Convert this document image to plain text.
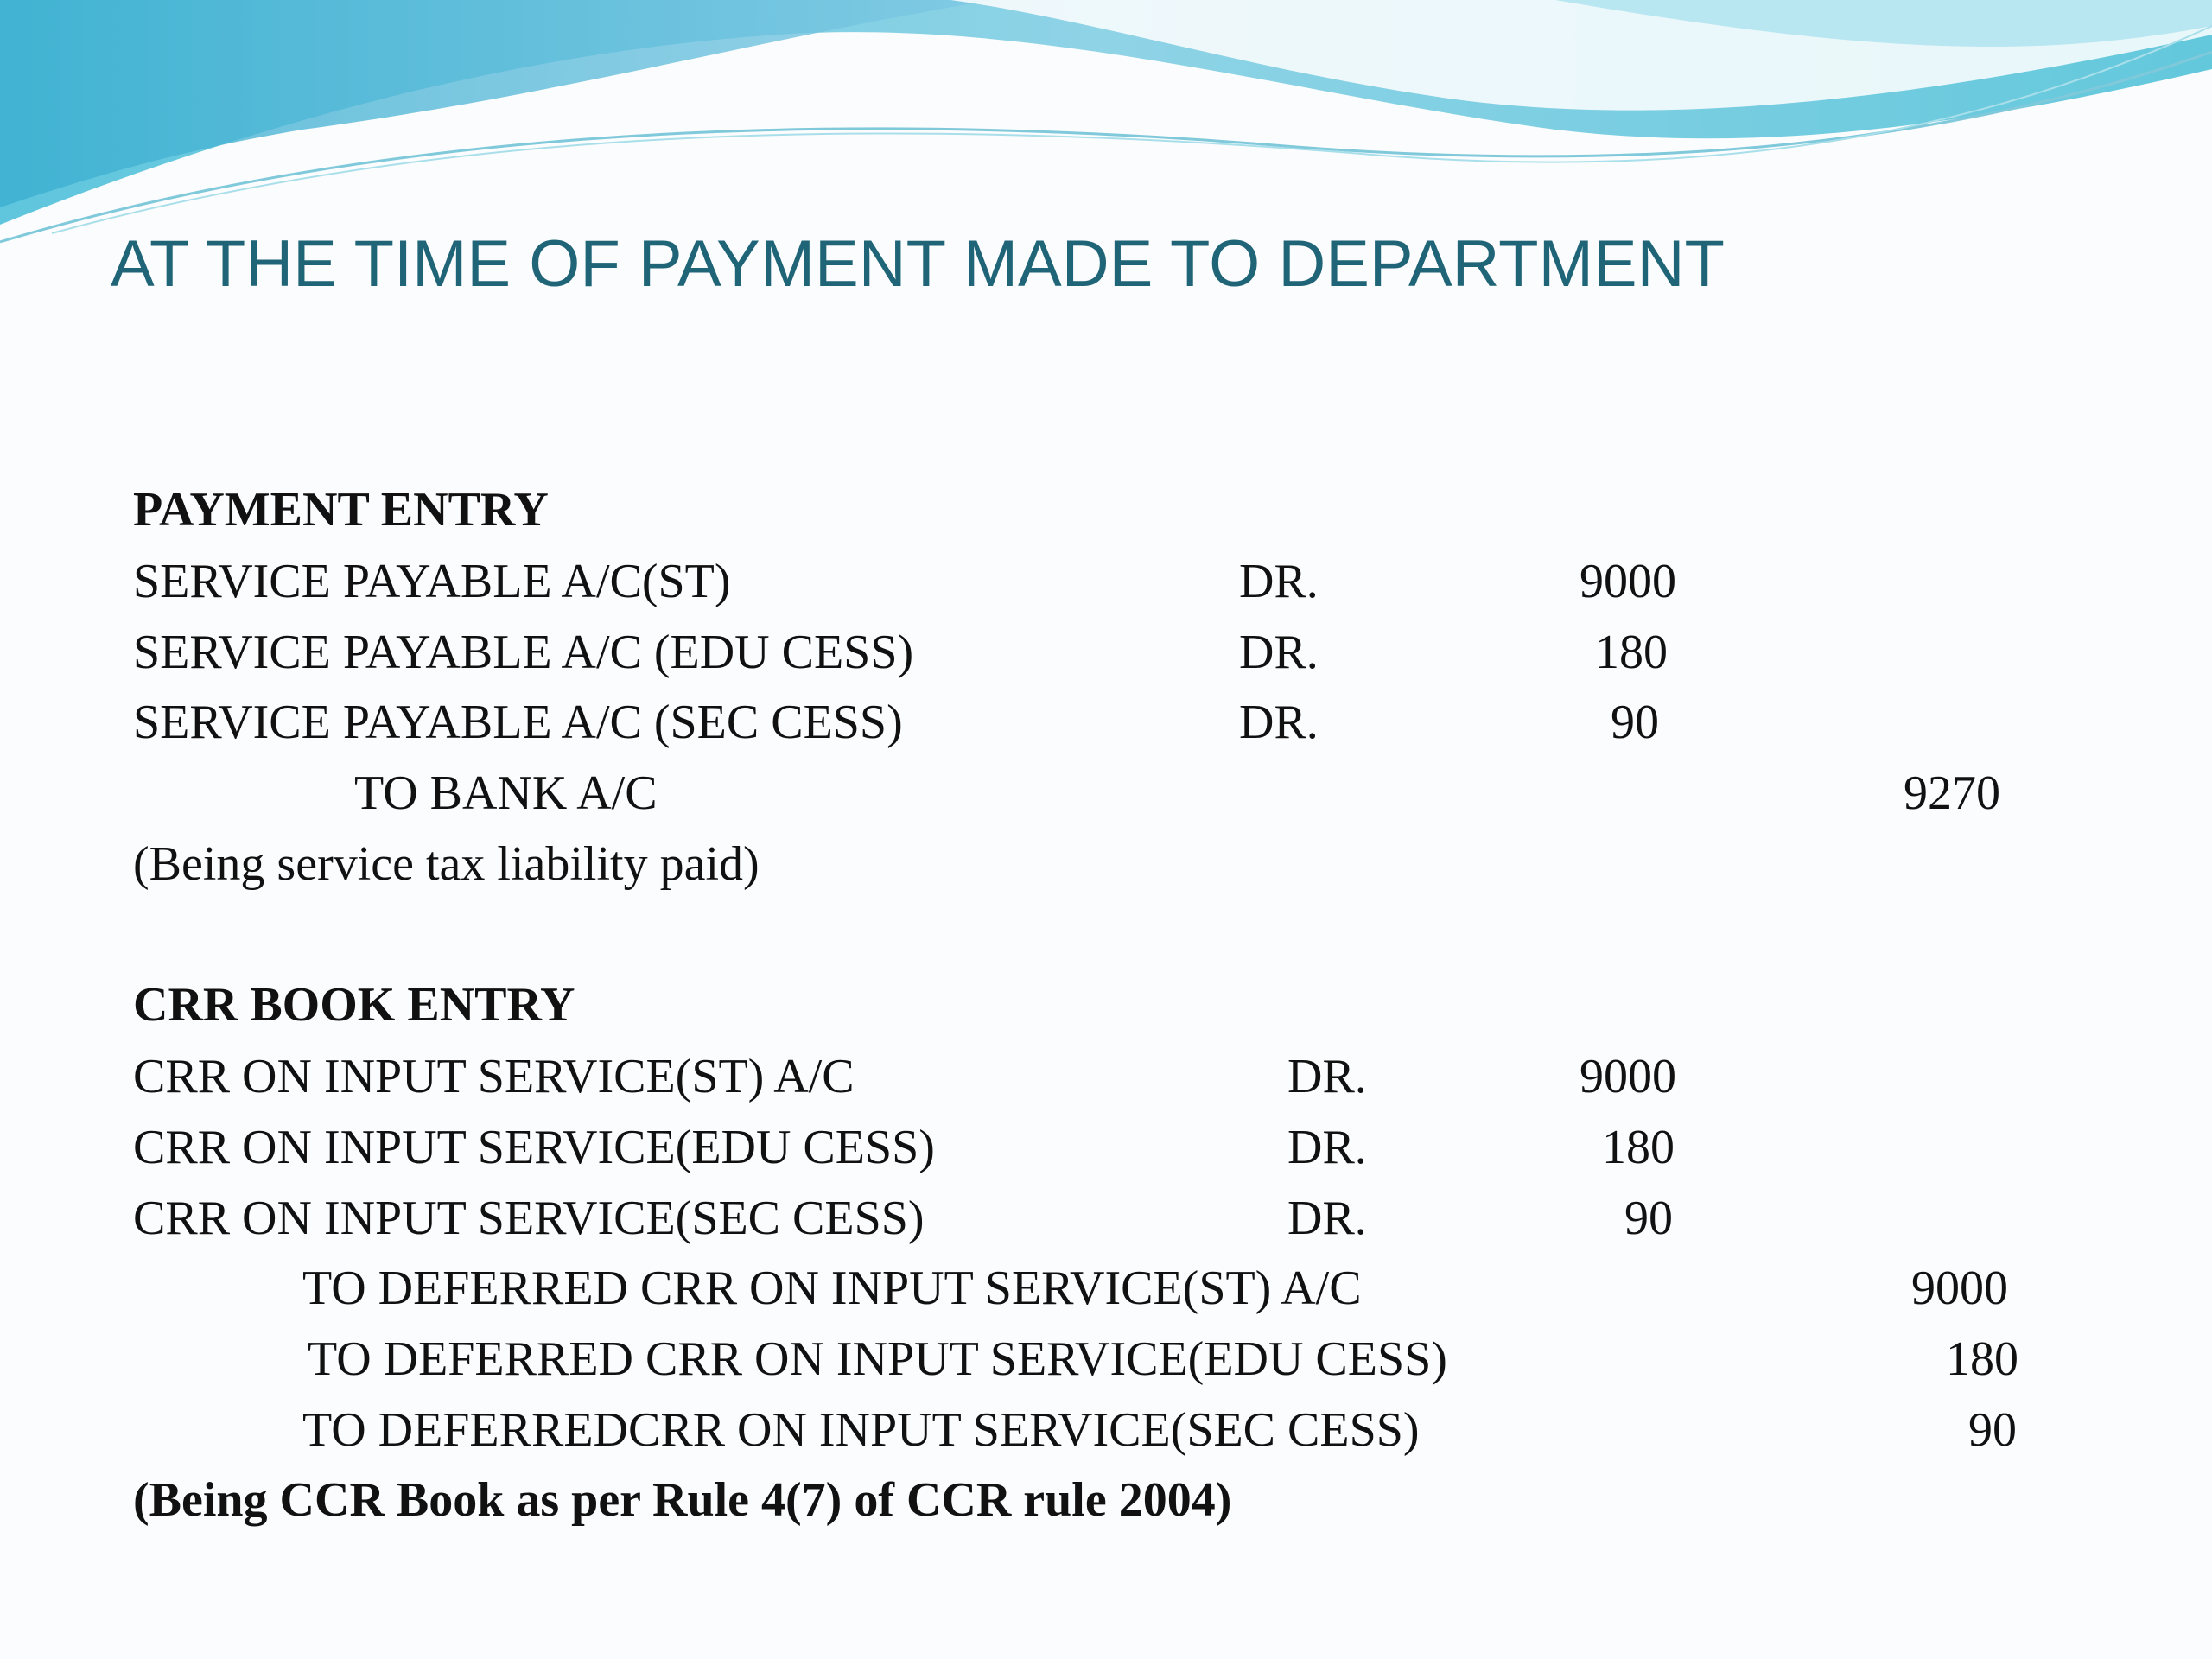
AT THE TIME OF PAYMENT MADE TO DEPARTMENT
PAYMENT ENTRY
SERVICE PAYABLE A/C(ST)	DR.	9000
SERVICE PAYABLE A/C (EDU CESS)	DR.	180
SERVICE PAYABLE A/C (SEC CESS)	DR.	90
TO BANK A/C	9270
(Being service tax liability paid)
CRR BOOK ENTRY
CRR ON INPUT SERVICE(ST) A/C	DR.	9000
CRR ON INPUT SERVICE(EDU CESS)	DR.	180
CRR ON INPUT SERVICE(SEC CESS)	DR.	90
TO DEFERRED CRR ON INPUT SERVICE(ST) A/C	9000
TO DEFERRED CRR ON INPUT SERVICE(EDU CESS)	180
TO DEFERREDCRR ON INPUT SERVICE(SEC CESS)	90
(Being CCR Book as per Rule 4(7) of CCR rule 2004)
